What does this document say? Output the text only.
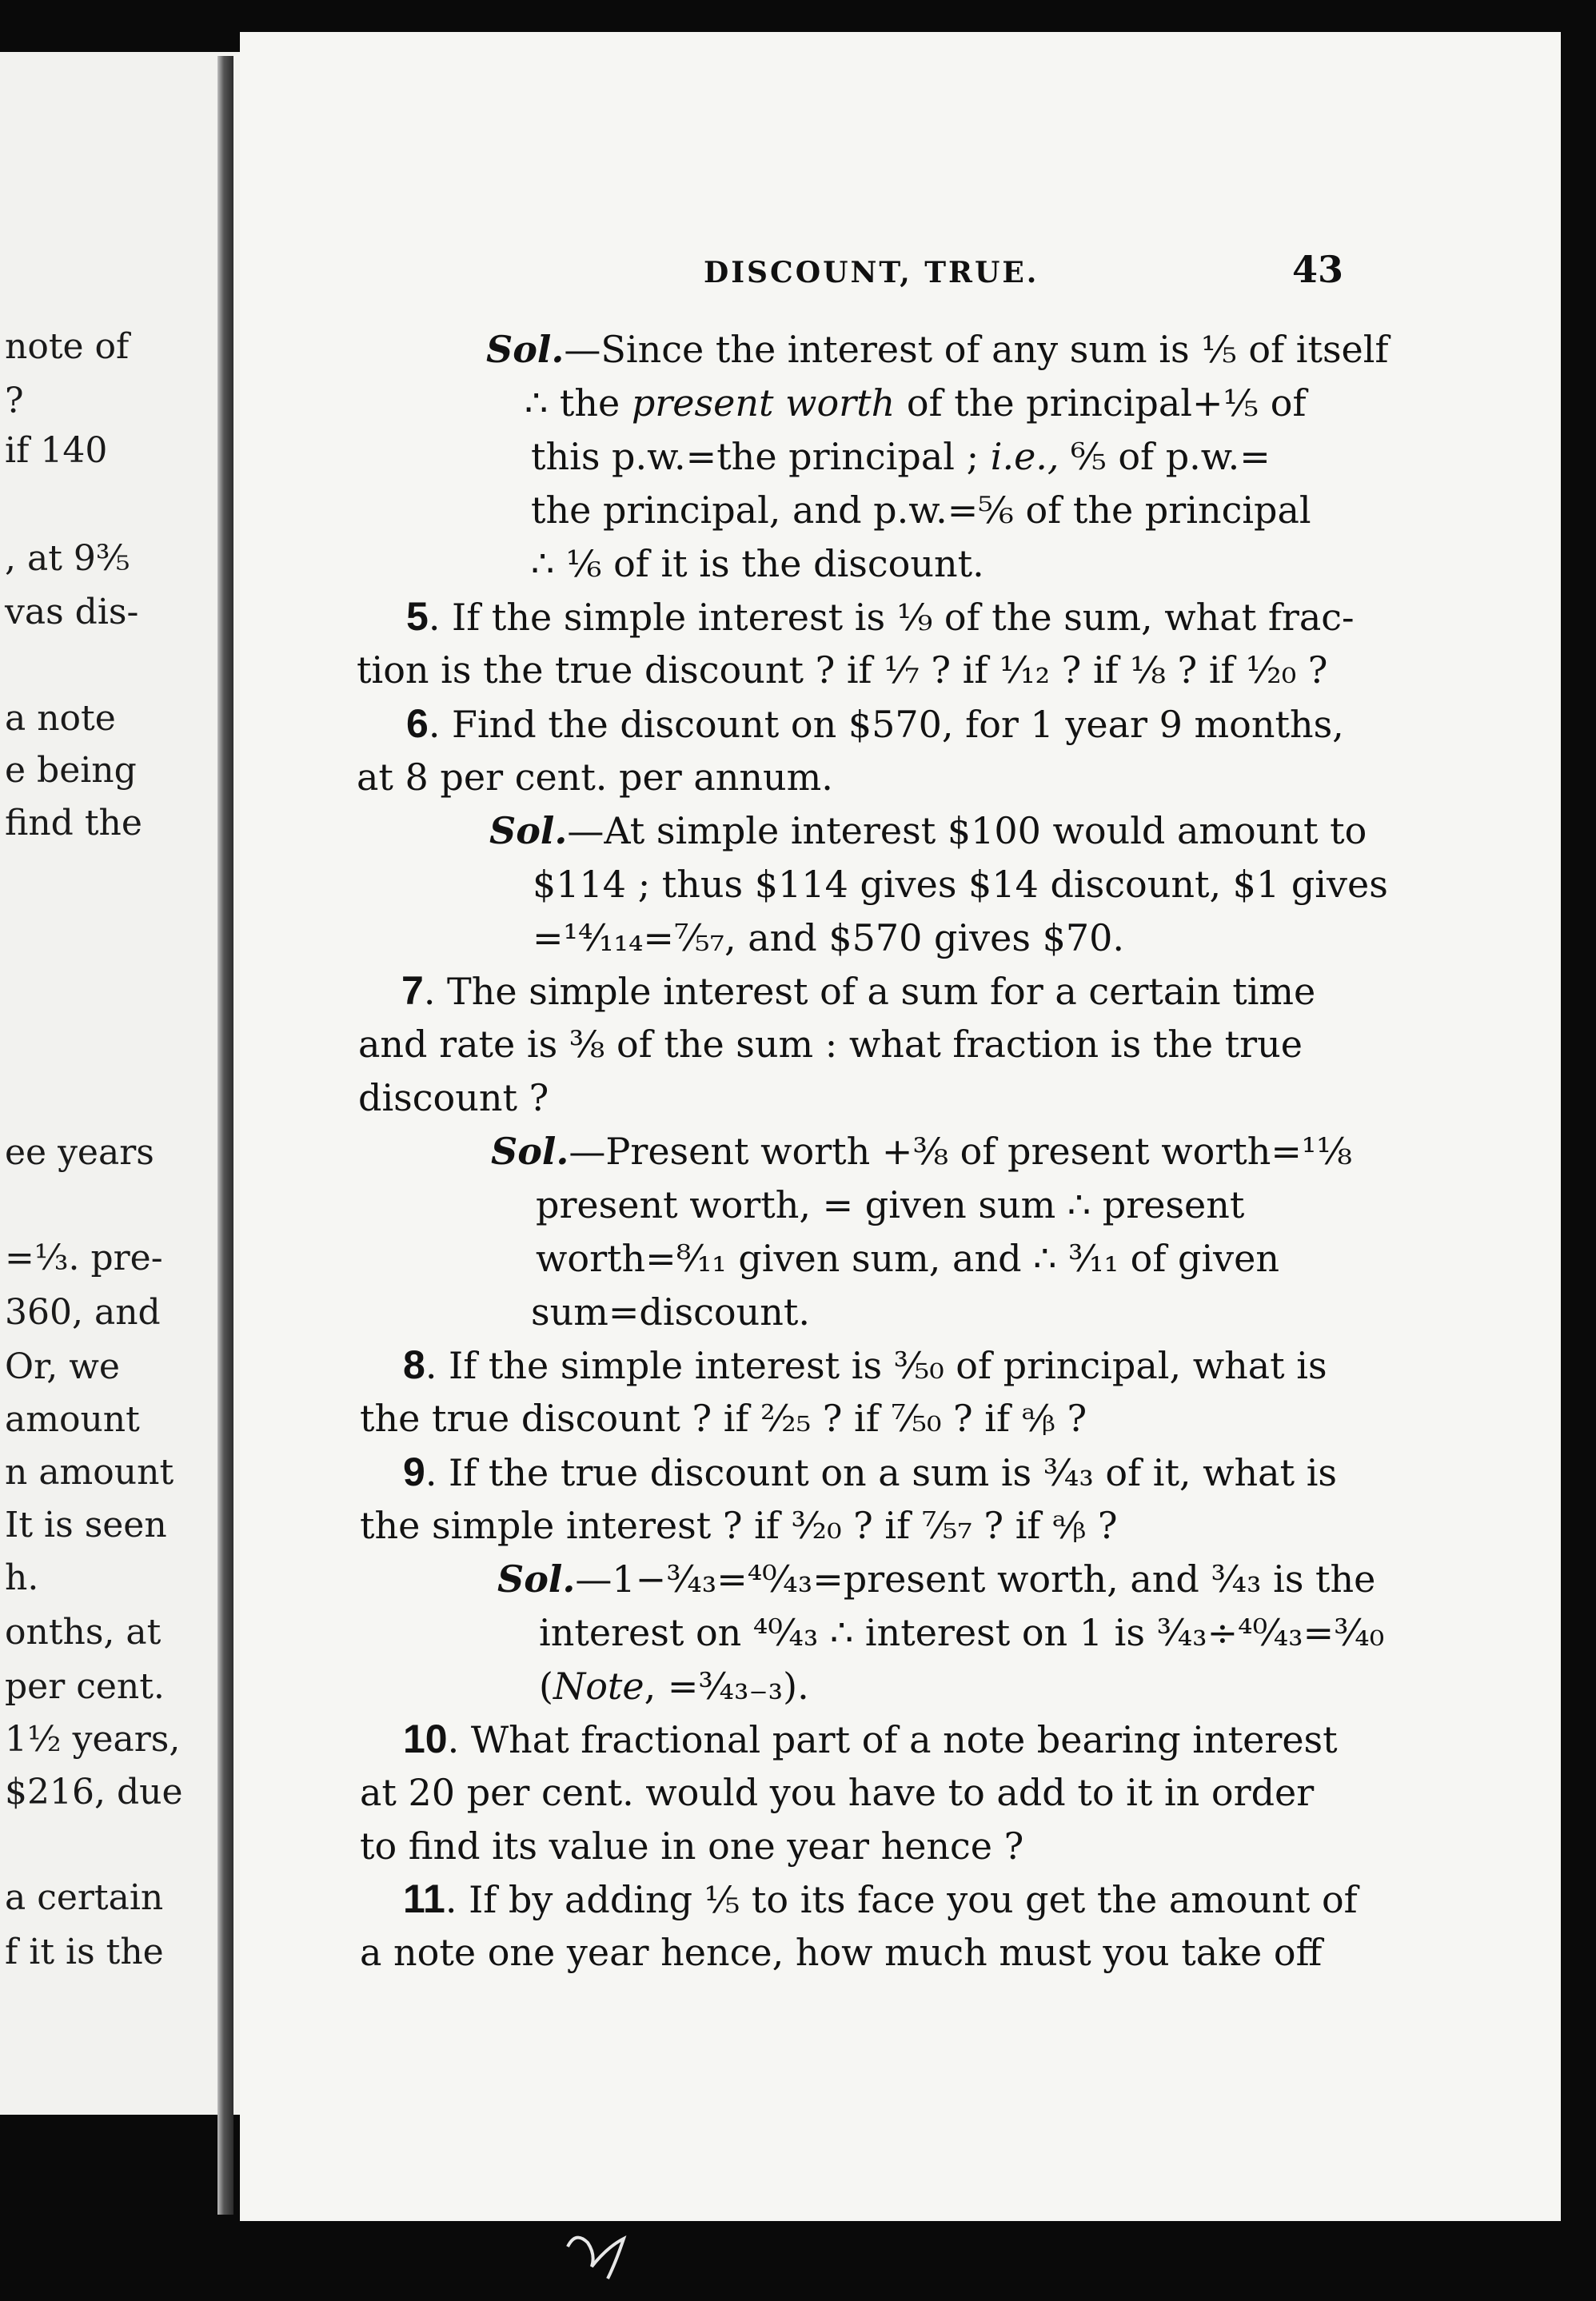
note of
?
if 140
, at 9⅗
vas dis-
a note
e being
find the
ee years
=⅓. pre-
360, and
Or, we
amount
n amount
It is seen
h.
onths, at
per cent.
1½ years,
$216, due
a certain
f it is the
DISCOUNT, TRUE.	43
Sol.—Since the interest of any sum is ⅕ of itself
∴ the present worth of the principal+⅕ of
this p.w.=the principal ; i.e., ⁶⁄₅ of p.w.=
the principal, and p.w.=⅚ of the principal
∴ ⅙ of it is the discount.
5. If the simple interest is ⅑ of the sum, what frac-
tion is the true discount ? if ⅐ ? if ¹⁄₁₂ ? if ⅛ ? if ¹⁄₂₀ ?
6. Find the discount on $570, for 1 year 9 months,
at 8 per cent. per annum.
Sol.—At simple interest $100 would amount to
$114 ; thus $114 gives $14 discount, $1 gives
=¹⁴⁄₁₁₄=⁷⁄₅₇, and $570 gives $70.
7. The simple interest of a sum for a certain time
and rate is ⅜ of the sum : what fraction is the true
discount ?
Sol.—Present worth +⅜ of present worth=¹¹⁄₈
present worth, = given sum ∴ present
worth=⁸⁄₁₁ given sum, and ∴ ³⁄₁₁ of given
sum=discount.
8. If the simple interest is ³⁄₅₀ of principal, what is
the true discount ? if ²⁄₂₅ ? if ⁷⁄₅₀ ? if ᵃ⁄ᵦ ?
9. If the true discount on a sum is ³⁄₄₃ of it, what is
the simple interest ? if ³⁄₂₀ ? if ⁷⁄₅₇ ? if ᵃ⁄ᵦ ?
Sol.—1−³⁄₄₃=⁴⁰⁄₄₃=present worth, and ³⁄₄₃ is the
interest on ⁴⁰⁄₄₃ ∴ interest on 1 is ³⁄₄₃÷⁴⁰⁄₄₃=³⁄₄₀
(Note, =³⁄₄₃₋₃).
10. What fractional part of a note bearing interest
at 20 per cent. would you have to add to it in order
to find its value in one year hence ?
11. If by adding ⅕ to its face you get the amount of
a note one year hence, how much must you take off
